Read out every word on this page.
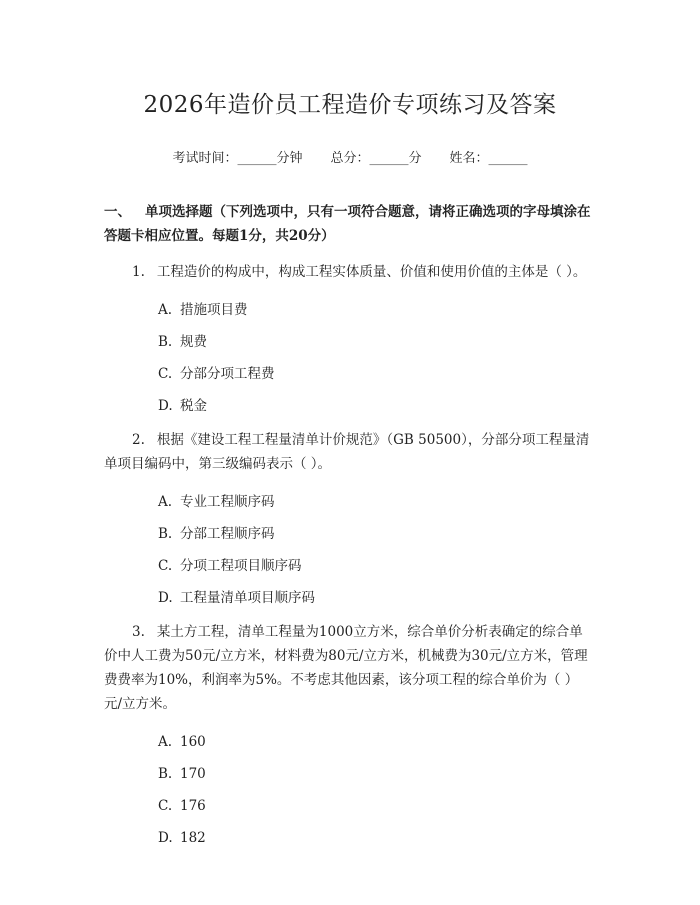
2026年造价员工程造价专项练习及答案
考试时间：______分钟 总分：______分 姓名：______
一、 单项选择题（下列选项中，只有一项符合题意，请将正确选项的字母填涂在答题卡相应位置。每题1分，共20分）
1. 工程造价的构成中，构成工程实体质量、价值和使用价值的主体是（ ）。
A. 措施项目费
B. 规费
C. 分部分项工程费
D. 税金
2. 根据《建设工程工程量清单计价规范》（GB 50500），分部分项工程量清单项目编码中，第三级编码表示（ ）。
A. 专业工程顺序码
B. 分部工程顺序码
C. 分项工程项目顺序码
D. 工程量清单项目顺序码
3. 某土方工程，清单工程量为1000立方米，综合单价分析表确定的综合单价中人工费为50元/立方米，材料费为80元/立方米，机械费为30元/立方米，管理费费率为10%，利润率为5%。不考虑其他因素，该分项工程的综合单价为（ ）元/立方米。
A. 160
B. 170
C. 176
D. 182
